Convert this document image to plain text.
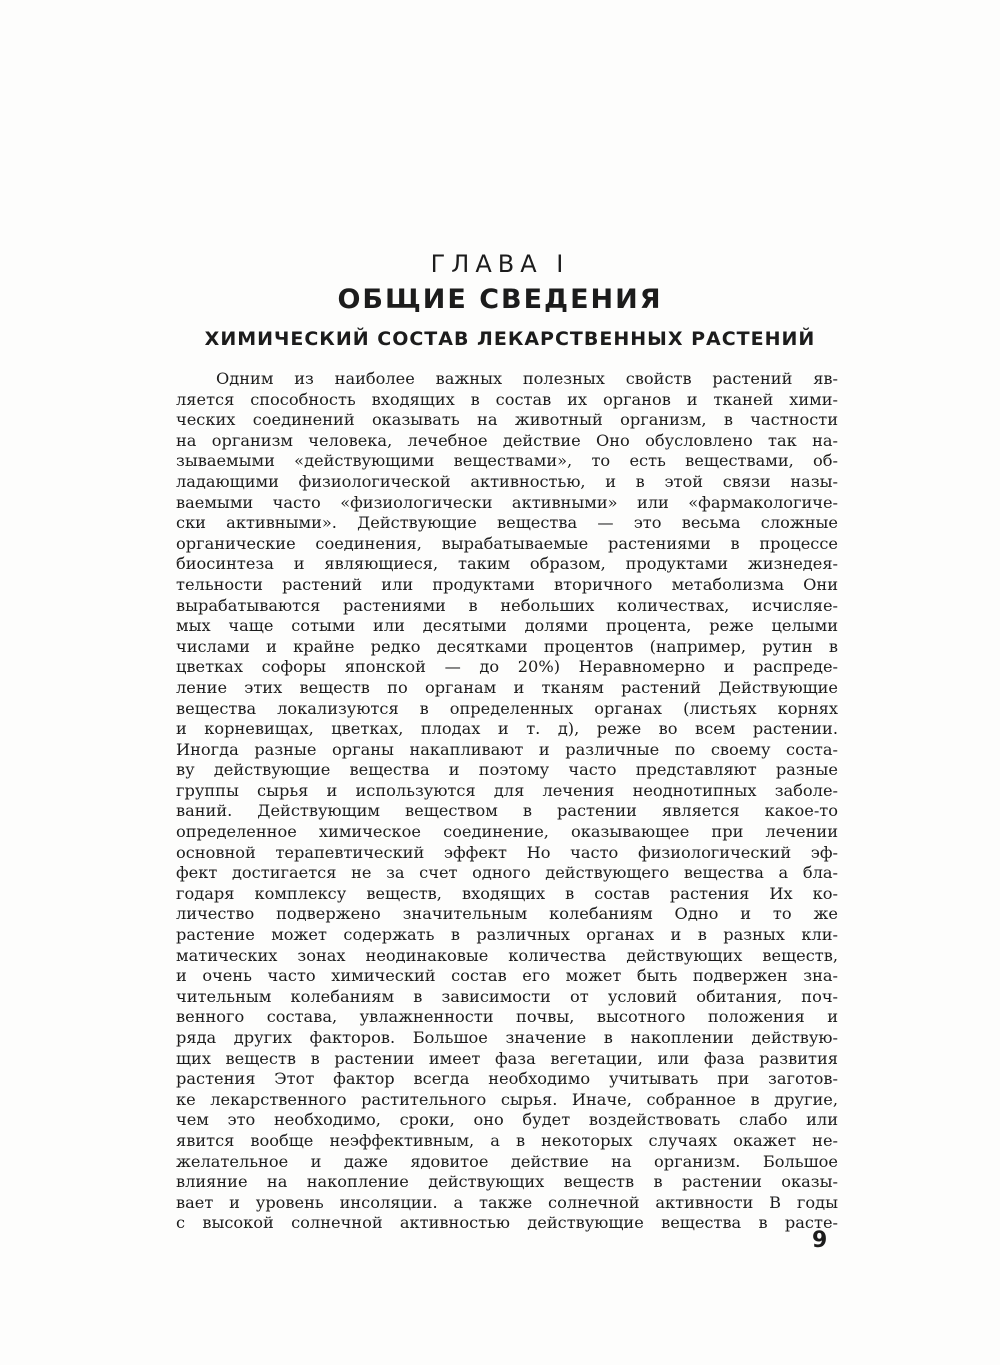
ГЛАВА I
ОБЩИЕ СВЕДЕНИЯ
ХИМИЧЕСКИЙ СОСТАВ ЛЕКАРСТВЕННЫХ РАСТЕНИЙ
Одним из наиболее важных полезных свойств растений яв-
ляется способность входящих в состав их органов и тканей хими-
ческих соединений оказывать на животный организм, в частности
на организм человека, лечебное действие Оно обусловлено так на-
зываемыми «действующими веществами», то есть веществами, об-
ладающими физиологической активностью, и в этой связи назы-
ваемыми часто «физиологически активными» или «фармакологиче-
ски активными». Действующие вещества — это весьма сложные
органические соединения, вырабатываемые растениями в процессе
биосинтеза и являющиеся, таким образом, продуктами жизнедея-
тельности растений или продуктами вторичного метаболизма Они
вырабатываются растениями в небольших количествах, исчисляе-
мых чаще сотыми или десятыми долями процента, реже целыми
числами и крайне редко десятками процентов (например, рутин в
цветках софоры японской — до 20%) Неравномерно и распреде-
ление этих веществ по органам и тканям растений Действующие
вещества локализуются в определенных органах (листьях корнях
и корневищах, цветках, плодах и т. д), реже во всем растении.
Иногда разные органы накапливают и различные по своему соста-
ву действующие вещества и поэтому часто представляют разные
группы сырья и используются для лечения неоднотипных заболе-
ваний. Действующим веществом в растении является какое-то
определенное химическое соединение, оказывающее при лечении
основной терапевтический эффект Но часто физиологический эф-
фект достигается не за счет одного действующего вещества а бла-
годаря комплексу веществ, входящих в состав растения Их ко-
личество подвержено значительным колебаниям Одно и то же
растение может содержать в различных органах и в разных кли-
матических зонах неодинаковые количества действующих веществ,
и очень часто химический состав его может быть подвержен зна-
чительным колебаниям в зависимости от условий обитания, поч-
венного состава, увлажненности почвы, высотного положения и
ряда других факторов. Большое значение в накоплении действую-
щих веществ в растении имеет фаза вегетации, или фаза развития
растения Этот фактор всегда необходимо учитывать при заготов-
ке лекарственного растительного сырья. Иначе, собранное в другие,
чем это необходимо, сроки, оно будет воздействовать слабо или
явится вообще неэффективным, а в некоторых случаях окажет не-
желательное и даже ядовитое действие на организм. Большое
влияние на накопление действующих веществ в растении оказы-
вает и уровень инсоляции. а также солнечной активности В годы
с высокой солнечной активностью действующие вещества в расте-
9
